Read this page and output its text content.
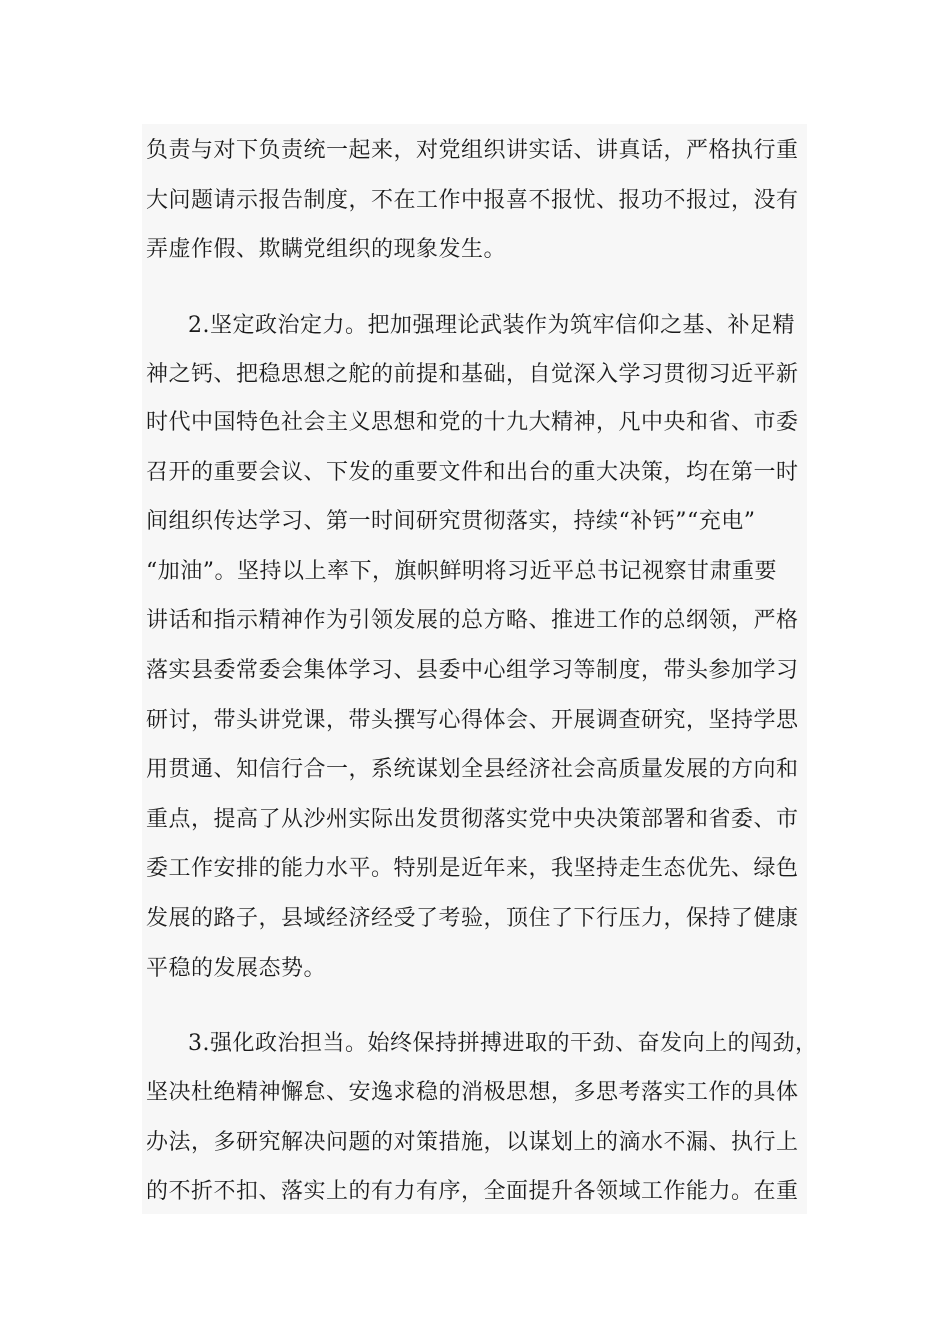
负责与对下负责统一起来，对党组织讲实话、讲真话，严格执行重
大问题请示报告制度，不在工作中报喜不报忧、报功不报过，没有
弄虚作假、欺瞒党组织的现象发生。
2.坚定政治定力。把加强理论武装作为筑牢信仰之基、补足精
神之钙、把稳思想之舵的前提和基础，自觉深入学习贯彻习近平新
时代中国特色社会主义思想和党的十九大精神，凡中央和省、市委
召开的重要会议、下发的重要文件和出台的重大决策，均在第一时
间组织传达学习、第一时间研究贯彻落实，持续“补钙”“充电”
“加油”。坚持以上率下，旗帜鲜明将习近平总书记视察甘肃重要
讲话和指示精神作为引领发展的总方略、推进工作的总纲领，严格
落实县委常委会集体学习、县委中心组学习等制度，带头参加学习
研讨，带头讲党课，带头撰写心得体会、开展调查研究，坚持学思
用贯通、知信行合一，系统谋划全县经济社会高质量发展的方向和
重点，提高了从沙州实际出发贯彻落实党中央决策部署和省委、市
委工作安排的能力水平。特别是近年来，我坚持走生态优先、绿色
发展的路子，县域经济经受了考验，顶住了下行压力，保持了健康
平稳的发展态势。
3.强化政治担当。始终保持拼搏进取的干劲、奋发向上的闯劲，
坚决杜绝精神懈怠、安逸求稳的消极思想，多思考落实工作的具体
办法，多研究解决问题的对策措施，以谋划上的滴水不漏、执行上
的不折不扣、落实上的有力有序，全面提升各领域工作能力。在重
